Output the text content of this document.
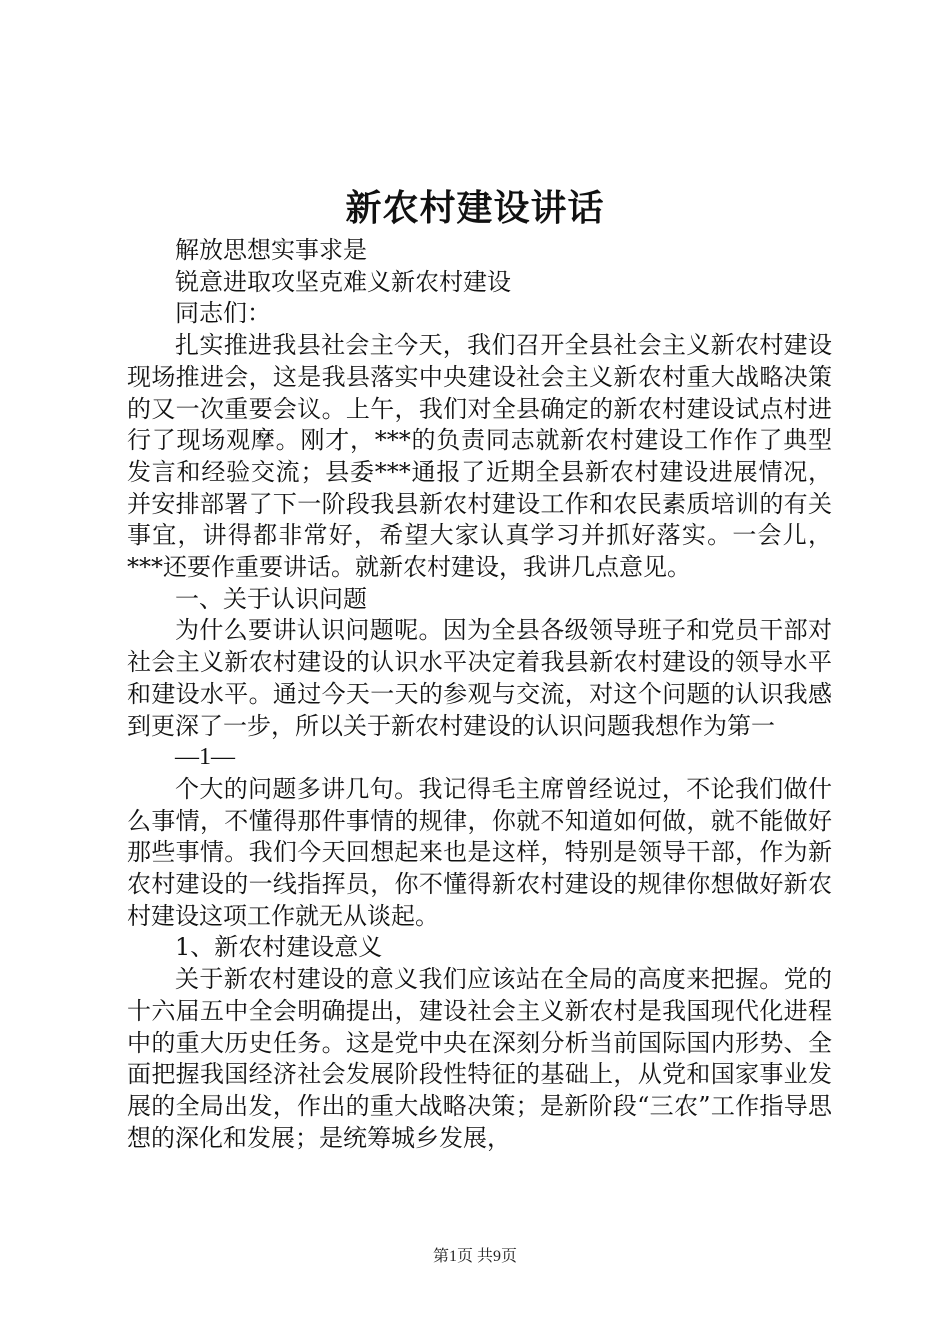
新农村建设讲话

解放思想实事求是

锐意进取攻坚克难义新农村建设

同志们：

扎实推进我县社会主今天，我们召开全县社会主义新农村建设现场推进会，这是我县落实中央建设社会主义新农村重大战略决策的又一次重要会议。上午，我们对全县确定的新农村建设试点村进行了现场观摩。刚才，***的负责同志就新农村建设工作作了典型发言和经验交流；县委***通报了近期全县新农村建设进展情况，并安排部署了下一阶段我县新农村建设工作和农民素质培训的有关事宜，讲得都非常好，希望大家认真学习并抓好落实。一会儿，***还要作重要讲话。就新农村建设，我讲几点意见。

一、关于认识问题

为什么要讲认识问题呢。因为全县各级领导班子和党员干部对社会主义新农村建设的认识水平决定着我县新农村建设的领导水平和建设水平。通过今天一天的参观与交流，对这个问题的认识我感到更深了一步，所以关于新农村建设的认识问题我想作为第一

—1—

个大的问题多讲几句。我记得毛主席曾经说过，不论我们做什么事情，不懂得那件事情的规律，你就不知道如何做，就不能做好那些事情。我们今天回想起来也是这样，特别是领导干部，作为新农村建设的一线指挥员，你不懂得新农村建设的规律你想做好新农村建设这项工作就无从谈起。

1、新农村建设意义

关于新农村建设的意义我们应该站在全局的高度来把握。党的十六届五中全会明确提出，建设社会主义新农村是我国现代化进程中的重大历史任务。这是党中央在深刻分析当前国际国内形势、全面把握我国经济社会发展阶段性特征的基础上，从党和国家事业发展的全局出发，作出的重大战略决策；是新阶段“三农”工作指导思想的深化和发展；是统筹城乡发展，

第1页 共9页
